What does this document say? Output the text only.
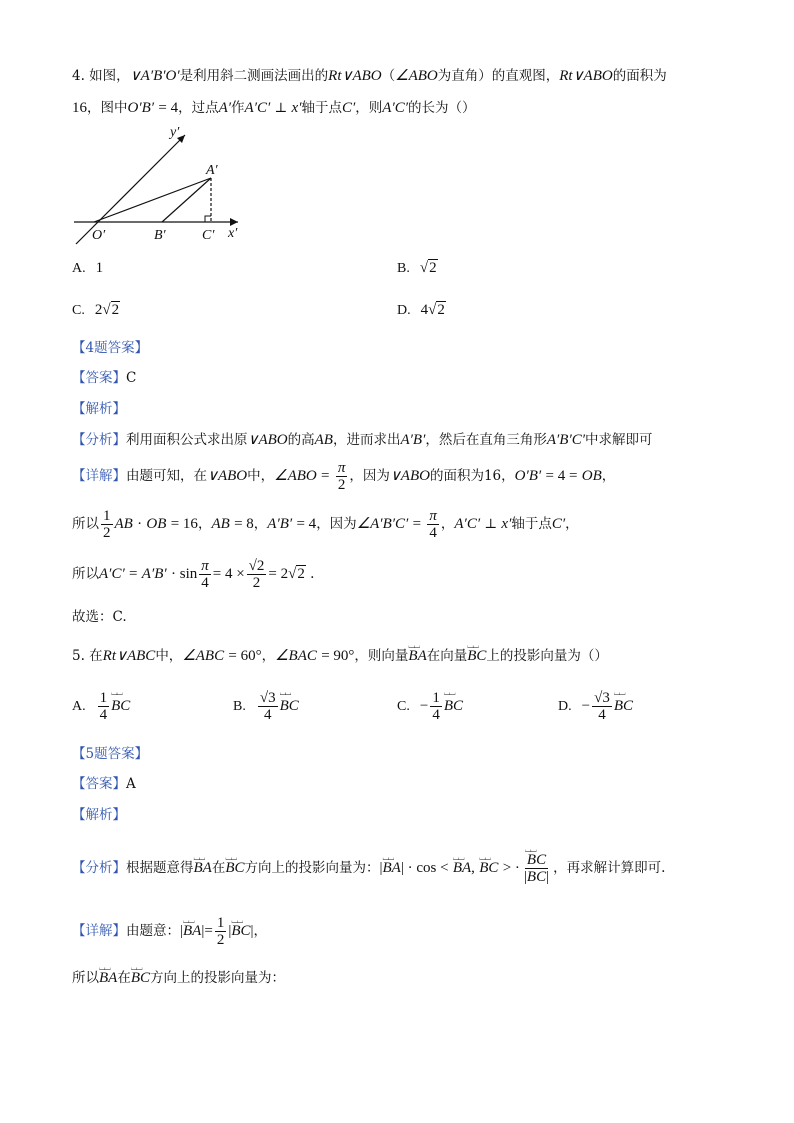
4. 如图，∨A′B′O′是利用斜二测画法画出的Rt∨ABO（∠ABO为直角）的直观图，Rt∨ABO的面积为
16，图中O′B′ = 4，过点A′作A′C′ ⊥ x′轴于点C′，则A′C′的长为（）
y′
A′
O′	B′	C′ x′
A. 1	B. √2
C. 2√2	D. 4√2
【4题答案】
【答案】C
【解析】
【分析】利用面积公式求出原∨ABO的高AB，进而求出A′B′，然后在直角三角形A′B′C′中求解即可
【详解】由题可知，在∨ABO中，∠ABO = $\frac{\pi}{2}$ ，因为∨ABO的面积为16，O′B′ = 4 = OB，
所以 $\frac{1}{2}$ AB · OB = 16，AB = 8，A′B′ = 4，因为∠A′B′C′ = $\frac{\pi}{4}$ ，A′C′ ⊥ x′轴于点C′，
所以$A'C' = A'B' \cdot \sin \frac{\pi}{4} = 4 \times \frac{√2}{2} = 2√2$ .
故选：C.
5. 在Rt∨ABC中，∠ABC = 60°，∠BAC = 90°，则向量⌴⌴ BA在向量⌴⌴ BC上的投影向量为（）
A. $\frac{1}{4}$ ⌴⌴ BC	B. $\frac{√3}{4}$ ⌴⌴ BC	C. − $\frac{1}{4}$ ⌴⌴ BC	D. − $\frac{√3}{4}$ ⌴⌴ BC
【5题答案】
【答案】A
【解析】
【分析】根据题意得⌴⌴ BA在⌴⌴ BC方向上的投影向量为：|⌴⌴ BA| · cos < ⌴⌴ BA, ⌴⌴ BC > · ⌴⌴ $\frac{BC}{|BC|}$ ，再求解计算即可.
【详解】由题意：|⌴⌴ $BA|= \frac{1}{2}$ |⌴⌴ BC|，
所以⌴⌴ BA在⌴⌴ BC方向上的投影向量为：
